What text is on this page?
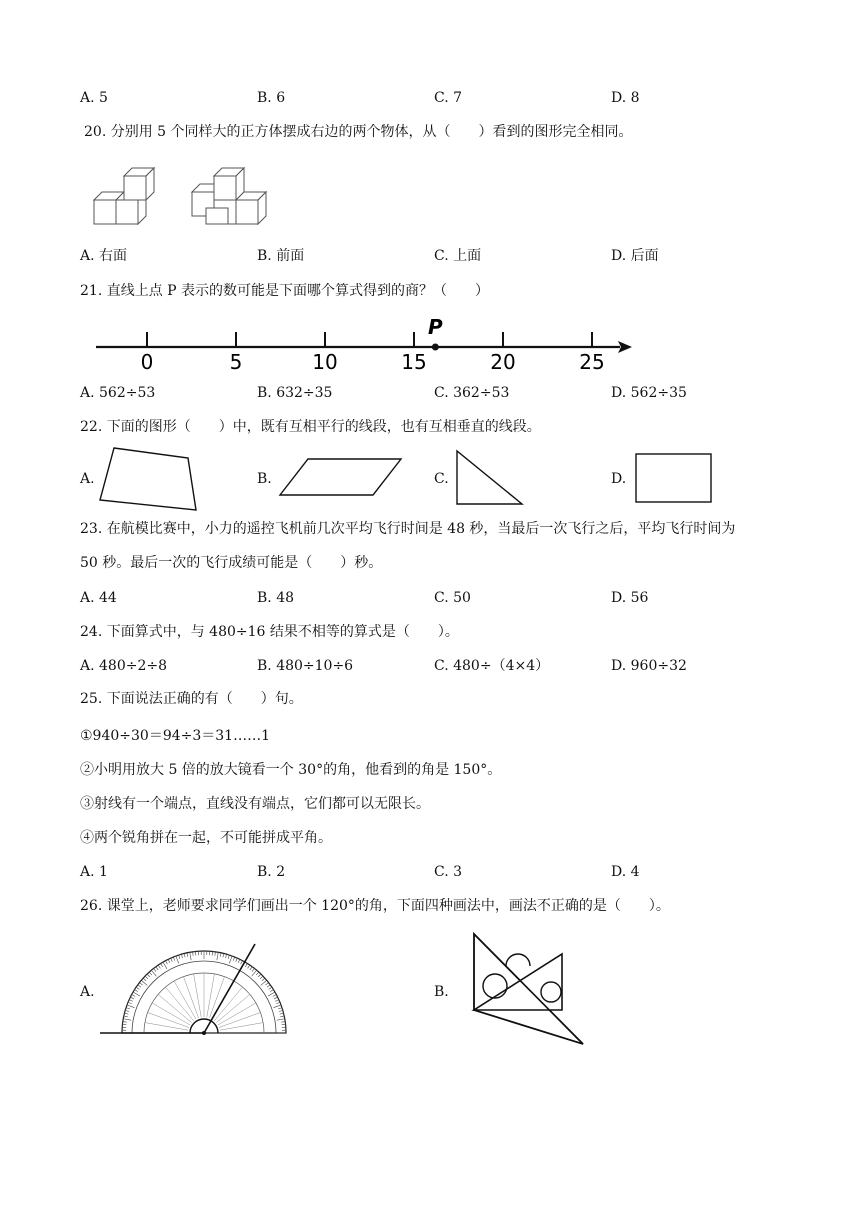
A. 5	B. 6	C. 7	D. 8
20. 分别用 5 个同样大的正方体摆成右边的两个物体，从（　　）看到的图形完全相同。
A. 右面	B. 前面	C. 上面	D. 后面
21. 直线上点 P 表示的数可能是下面哪个算式得到的商？（　　）
0	5	10	15	20	25
P
A. 562÷53	B. 632÷35	C. 362÷53	D. 562÷35
22. 下面的图形（　　）中，既有互相平行的线段，也有互相垂直的线段。
A.	B.	C.	D.
23. 在航模比赛中，小力的遥控飞机前几次平均飞行时间是 48 秒，当最后一次飞行之后，平均飞行时间为
50 秒。最后一次的飞行成绩可能是（　　）秒。
A. 44	B. 48	C. 50	D. 56
24. 下面算式中，与 480÷16 结果不相等的算式是（　　）。
A. 480÷2÷8	B. 480÷10÷6	C. 480÷（4×4）	D. 960÷32
25. 下面说法正确的有（　　）句。
①940÷30＝94÷3＝31……1
②小明用放大 5 倍的放大镜看一个 30°的角，他看到的角是 150°。
③射线有一个端点，直线没有端点，它们都可以无限长。
④两个锐角拼在一起，不可能拼成平角。
A. 1	B. 2	C. 3	D. 4
26. 课堂上，老师要求同学们画出一个 120°的角，下面四种画法中，画法不正确的是（　　）。
A.	B.
